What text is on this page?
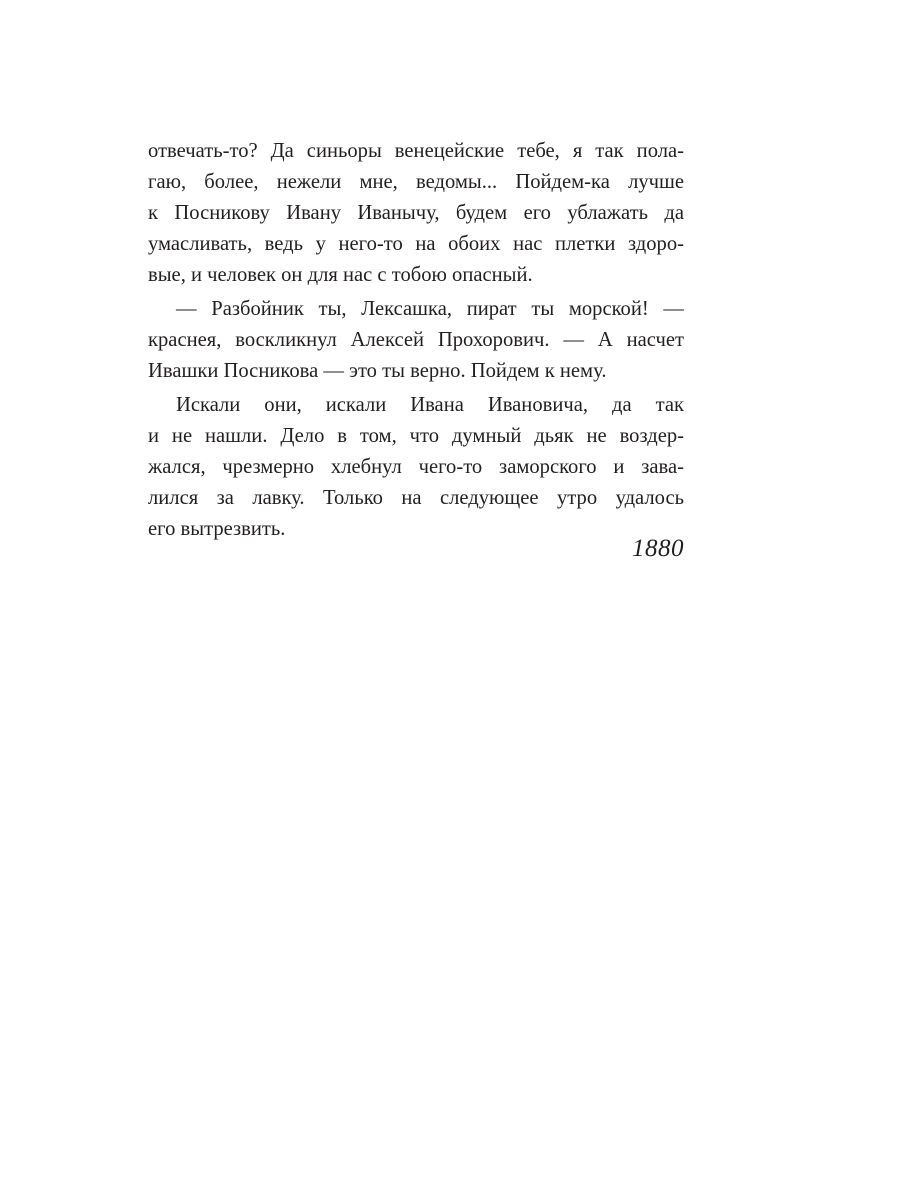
отвечать-то? Да синьоры венецейские тебе, я так пола-
гаю, более, нежели мне, ведомы... Пойдем-ка лучше
к Посникову Ивану Иванычу, будем его ублажать да
умасливать, ведь у него-то на обоих нас плетки здоро-
вые, и человек он для нас с тобою опасный.
— Разбойник ты, Лексашка, пират ты морской! —
краснея, воскликнул Алексей Прохорович. — А насчет
Ивашки Посникова — это ты верно. Пойдем к нему.
Искали они, искали Ивана Ивановича, да так
и не нашли. Дело в том, что думный дьяк не воздер-
жался, чрезмерно хлебнул чего-то заморского и зава-
лился за лавку. Только на следующее утро удалось
его вытрезвить.
1880
